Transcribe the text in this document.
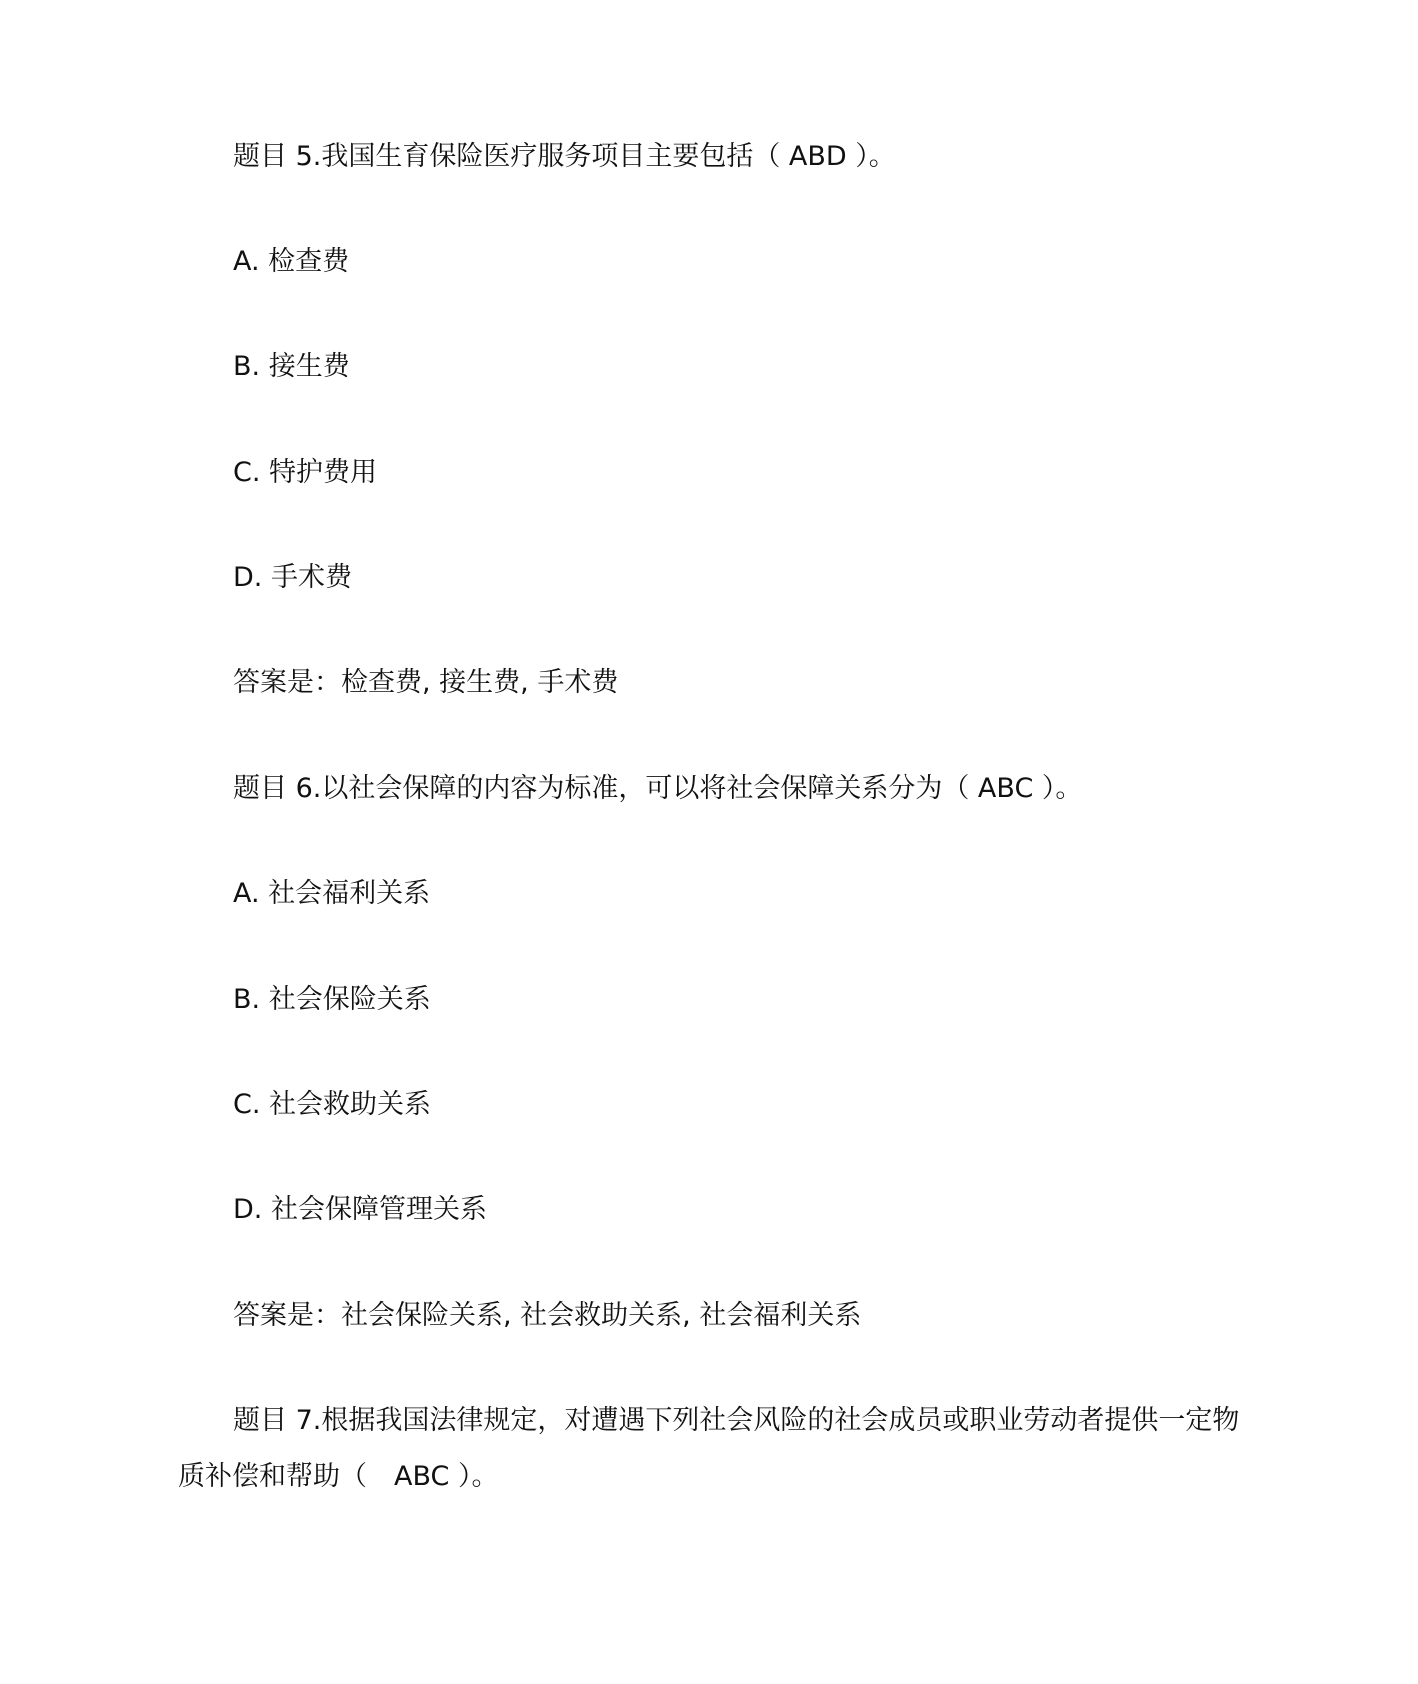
题目 5.我国生育保险医疗服务项目主要包括（ ABD ）。
A. 检查费
B. 接生费
C. 特护费用
D. 手术费
答案是：检查费, 接生费, 手术费
题目 6.以社会保障的内容为标准，可以将社会保障关系分为（ ABC ）。
A. 社会福利关系
B. 社会保险关系
C. 社会救助关系
D. 社会保障管理关系
答案是：社会保险关系, 社会救助关系, 社会福利关系
题目 7.根据我国法律规定，对遭遇下列社会风险的社会成员或职业劳动者提供一定物质补偿和帮助（　ABC ）。
